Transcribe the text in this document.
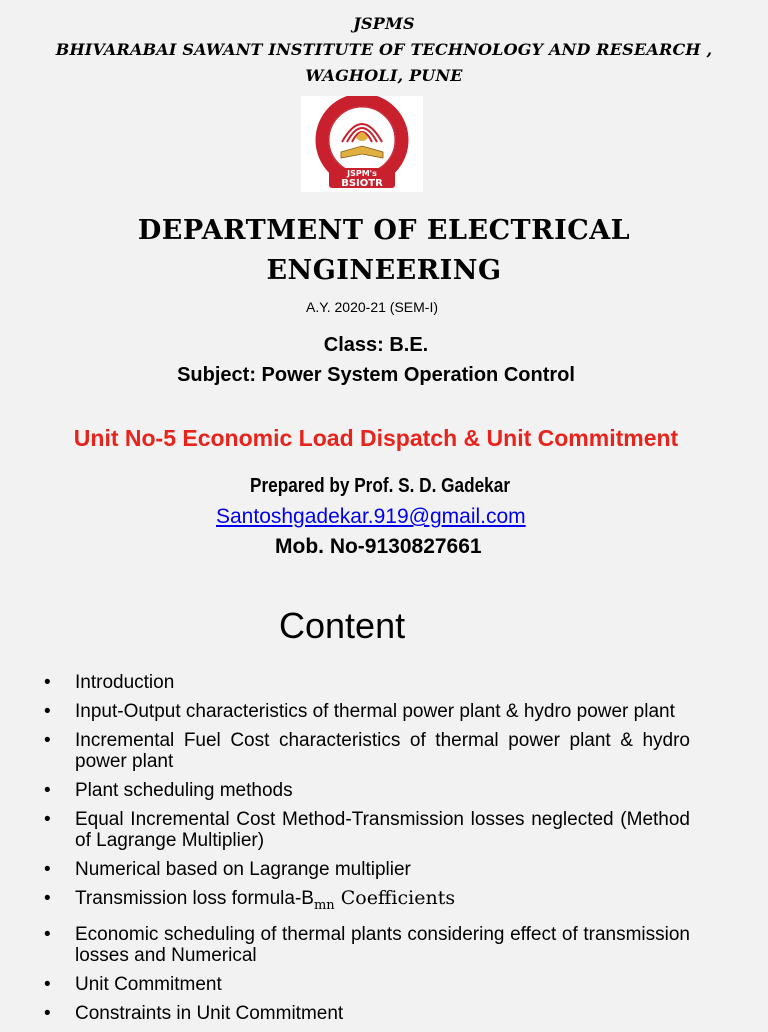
JSPMS
BHIVARABAI SAWANT INSTITUTE OF TECHNOLOGY AND RESEARCH ,
WAGHOLI, PUNE
JSPM's
BSIOTR
DEPARTMENT OF ELECTRICAL
ENGINEERING
A.Y. 2020-21 (SEM-I)
Class: B.E.
Subject: Power System Operation Control
Unit No-5 Economic Load Dispatch & Unit Commitment
Prepared by Prof. S. D. Gadekar
Santoshgadekar.919@gmail.com
Mob. No-9130827661
Content
• Introduction
• Input-Output characteristics of thermal power plant & hydro power plant
• Incremental Fuel Cost characteristics of thermal power plant & hydro power plant
• Plant scheduling methods
• Equal Incremental Cost Method-Transmission losses neglected (Method of Lagrange Multiplier)
• Numerical based on Lagrange multiplier
• Transmission loss formula-$B_{mn}$ Coefficients
• Economic scheduling of thermal plants considering effect of transmission losses and Numerical
• Unit Commitment
• Constraints in Unit Commitment
